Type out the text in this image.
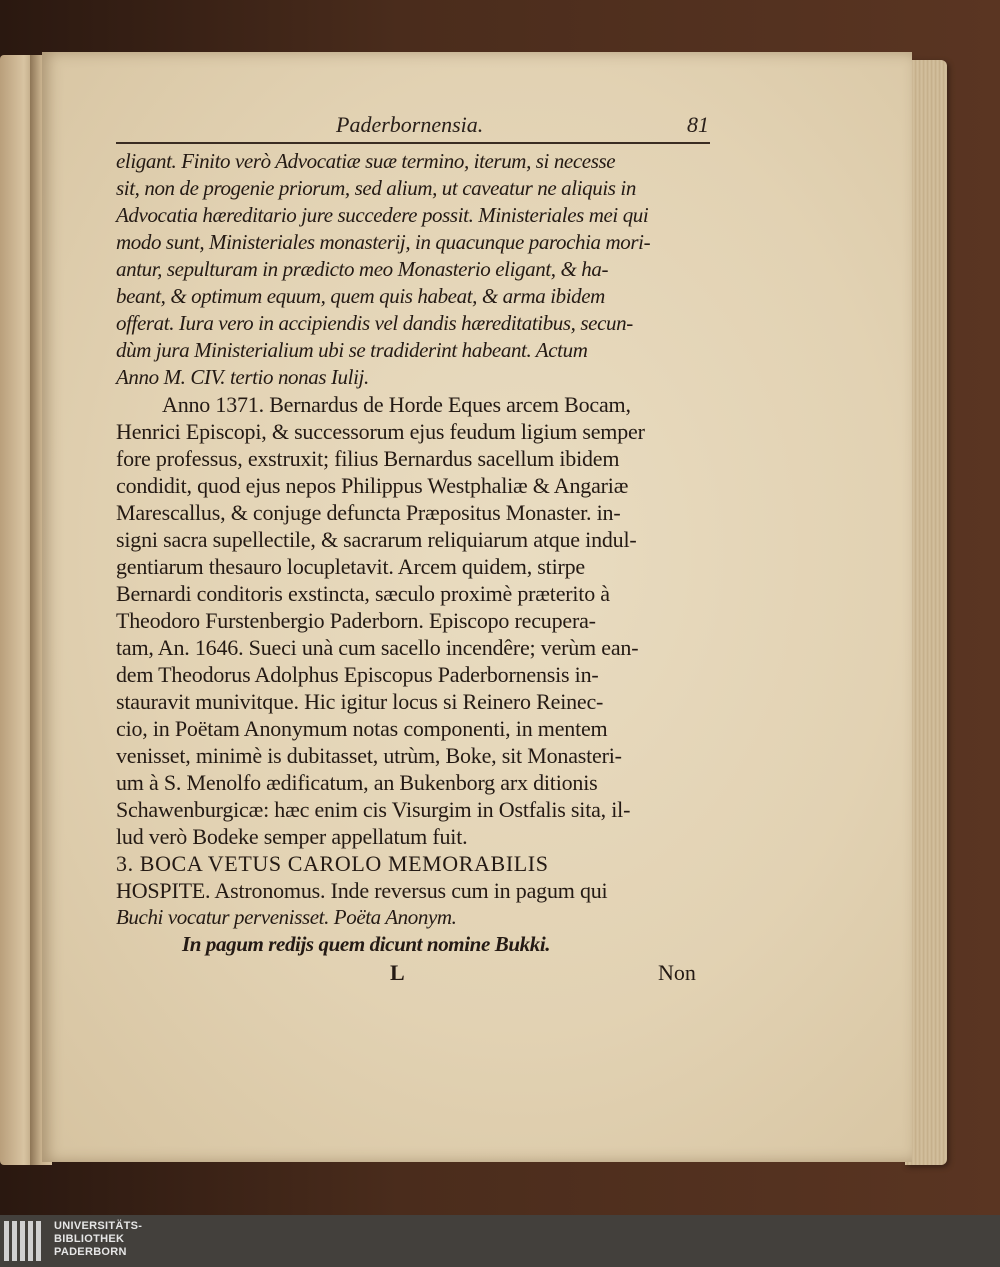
Paderbornensia.	81
eligant. Finito verò Advocatiæ suæ termino, iterum, si necesse
sit, non de progenie priorum, sed alium, ut caveatur ne aliquis in
Advocatia hæreditario jure succedere possit. Ministeriales mei qui
modo sunt, Ministeriales monasterij, in quacunque parochia mori-
antur, sepulturam in prædicto meo Monasterio eligant, & ha-
beant, & optimum equum, quem quis habeat, & arma ibidem
offerat. Iura vero in accipiendis vel dandis hæreditatibus, secun-
dùm jura Ministerialium ubi se tradiderint habeant. Actum
Anno M. CIV. tertio nonas Iulij.
Anno 1371. Bernardus de Horde Eques arcem Bocam,
Henrici Episcopi, & successorum ejus feudum ligium semper
fore professus, exstruxit; filius Bernardus sacellum ibidem
condidit, quod ejus nepos Philippus Westphaliæ & Angariæ
Marescallus, & conjuge defuncta Præpositus Monaster. in-
signi sacra supellectile, & sacrarum reliquiarum atque indul-
gentiarum thesauro locupletavit. Arcem quidem, stirpe
Bernardi conditoris exstincta, sæculo proximè præterito à
Theodoro Furstenbergio Paderborn. Episcopo recupera-
tam, An. 1646. Sueci unà cum sacello incendêre; verùm ean-
dem Theodorus Adolphus Episcopus Paderbornensis in-
stauravit munivitque. Hic igitur locus si Reinero Reinec-
cio, in Poëtam Anonymum notas componenti, in mentem
venisset, minimè is dubitasset, utrùm, Boke, sit Monasteri-
um à S. Menolfo ædificatum, an Bukenborg arx ditionis
Schawenburgicæ: hæc enim cis Visurgim in Ostfalis sita, il-
lud verò Bodeke semper appellatum fuit.
3. BOCA VETUS CAROLO MEMORABILIS
HOSPITE. Astronomus. Inde reversus cum in pagum qui
Buchi vocatur pervenisset. Poëta Anonym.
In pagum redijs quem dicunt nomine Bukki.
L	Non
UNIVERSITÄTS-
BIBLIOTHEK
PADERBORN
